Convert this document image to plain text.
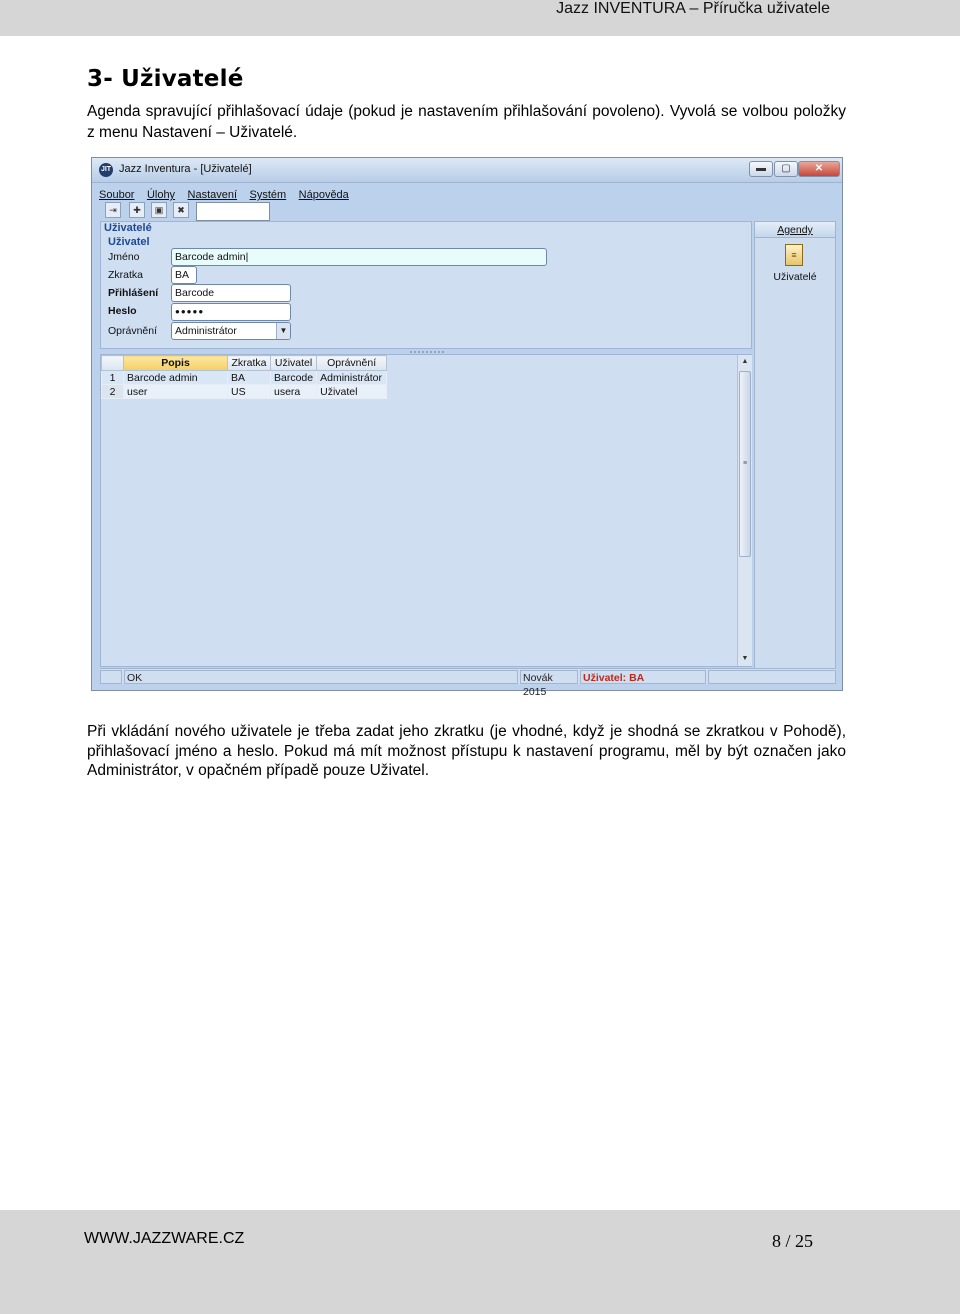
Jazz INVENTURA – Příručka uživatele
3- Uživatelé

Agenda spravující přihlašovací údaje (pokud je nastavením přihlašování povoleno). Vyvolá se volbou položky z menu Nastavení – Uživatelé.

JIT Jazz Inventura - [Uživatelé]	▬	▢	✕
Soubor Úlohy Nastavení Systém Nápověda
⇥	✚	▣	✖
Uživatelé
Uživatel
Jméno	Barcode admin|
Zkratka	BA
Přihlášení	Barcode
Heslo	●●●●●
Oprávnění	Administrátor	▼
Agendy
≡
Uživatelé
	Popis	Zkratka	Uživatel	Oprávnění
1	Barcode admin	BA	Barcode	Administrátor
2	user	US	usera	Uživatel
▲
≡
▼
OK	Novák 2015
Uživatel: BA

Při vkládání nového uživatele je třeba zadat jeho zkratku (je vhodné, když je shodná se zkratkou v Pohodě), přihlašovací jméno a heslo. Pokud má mít možnost přístupu k nastavení programu, měl by být označen jako Administrátor, v opačném případě pouze Uživatel.

WWW.JAZZWARE.CZ	8 / 25
